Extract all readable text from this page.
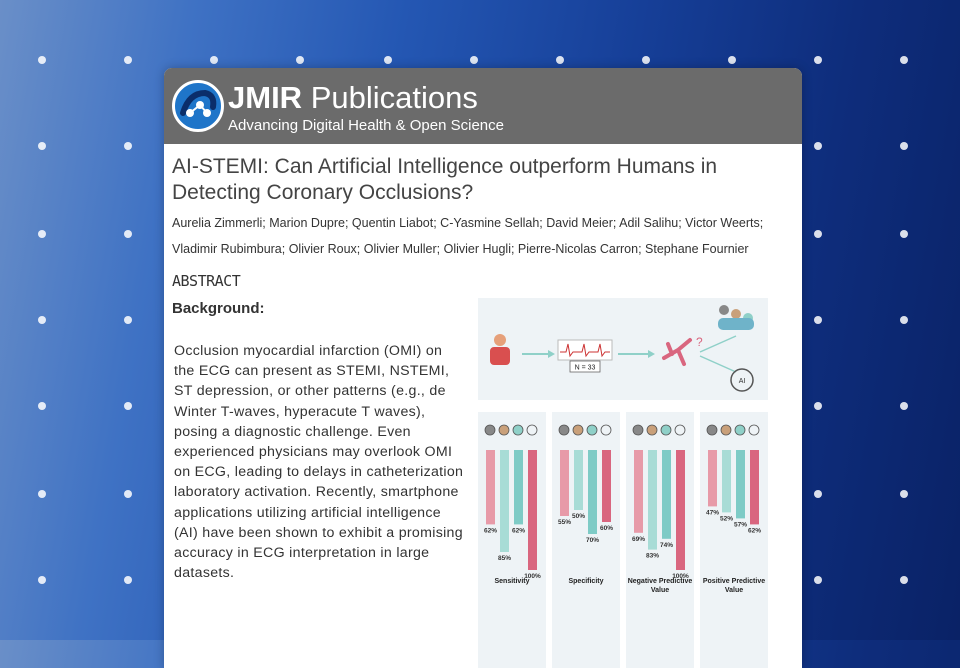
JMIR Publications
Advancing Digital Health & Open Science
AI-STEMI: Can Artificial Intelligence outperform Humans in Detecting Coronary Occlusions?
Aurelia Zimmerli; Marion Dupre; Quentin Liabot; C-Yasmine Sellah; David Meier; Adil Salihu; Victor Weerts;
Vladimir Rubimbura; Olivier Roux; Olivier Muller; Olivier Hugli; Pierre-Nicolas Carron; Stephane Fournier
ABSTRACT
Background:
Occlusion myocardial infarction (OMI) on the ECG can present as STEMI, NSTEMI, ST depression, or other patterns (e.g., de Winter T-waves, hyperacute T waves), posing a diagnostic challenge. Even experienced physicians may overlook OMI on ECG, leading to delays in catheterization laboratory activation. Recently, smartphone applications utilizing artificial intelligence (AI) have been shown to exhibit a promising accuracy in ECG interpretation in large datasets.
N = 33
?
AI
62%
85%
62%
100%
Sensitivity
55%
50%
70%
60%
Specificity
69%
83%
74%
100%
Negative Predictive
Value
47%
52%
57%
62%
Positive Predictive
Value
